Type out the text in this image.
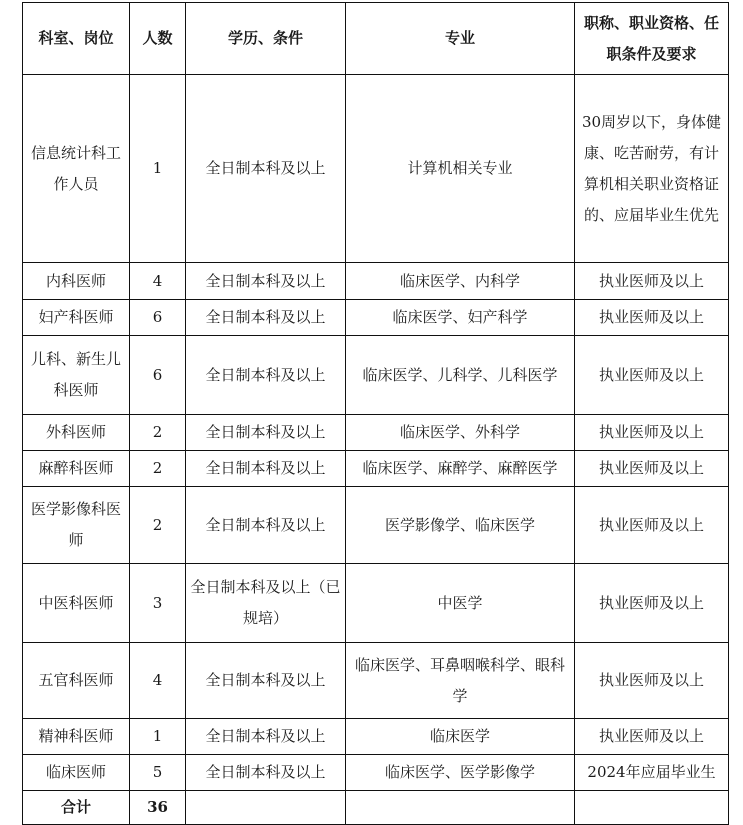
科室、岗位	人数	学历、条件	专业	职称、职业资格、任职条件及要求
信息统计科工作人员	1	全日制本科及以上	计算机相关专业	30周岁以下，身体健康、吃苦耐劳，有计算机相关职业资格证的、应届毕业生优先
内科医师	4	全日制本科及以上	临床医学、内科学	执业医师及以上
妇产科医师	6	全日制本科及以上	临床医学、妇产科学	执业医师及以上
儿科、新生儿科医师	6	全日制本科及以上	临床医学、儿科学、儿科医学	执业医师及以上
外科医师	2	全日制本科及以上	临床医学、外科学	执业医师及以上
麻醉科医师	2	全日制本科及以上	临床医学、麻醉学、麻醉医学	执业医师及以上
医学影像科医师	2	全日制本科及以上	医学影像学、临床医学	执业医师及以上
中医科医师	3	全日制本科及以上（已规培）	中医学	执业医师及以上
五官科医师	4	全日制本科及以上	临床医学、耳鼻咽喉科学、眼科学	执业医师及以上
精神科医师	1	全日制本科及以上	临床医学	执业医师及以上
临床医师	5	全日制本科及以上	临床医学、医学影像学	2024年应届毕业生
合计	36			
